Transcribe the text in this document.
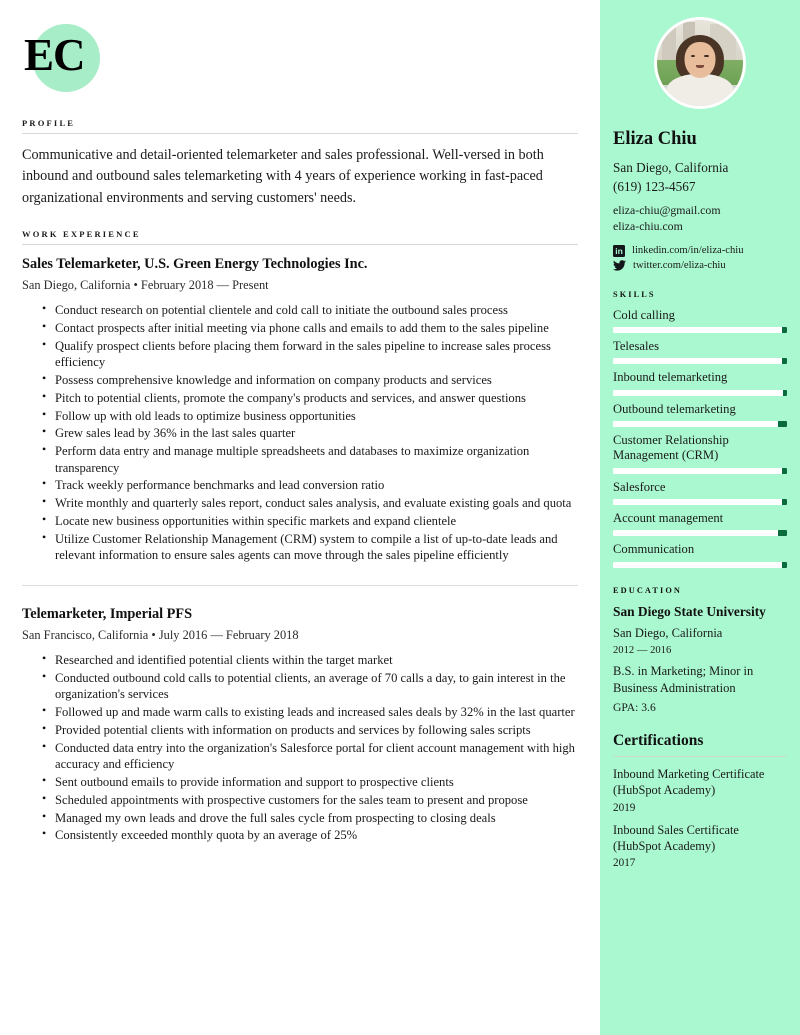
EC
PROFILE
Communicative and detail-oriented telemarketer and sales professional. Well-versed in both inbound and outbound sales telemarketing with 4 years of experience working in fast-paced organizational environments and serving customers' needs.
WORK EXPERIENCE
Sales Telemarketer, U.S. Green Energy Technologies Inc.
San Diego, California • February 2018 — Present
• Conduct research on potential clientele and cold call to initiate the outbound sales process
• Contact prospects after initial meeting via phone calls and emails to add them to the sales pipeline
• Qualify prospect clients before placing them forward in the sales pipeline to increase sales process efficiency
• Possess comprehensive knowledge and information on company products and services
• Pitch to potential clients, promote the company's products and services, and answer questions
• Follow up with old leads to optimize business opportunities
• Grew sales lead by 36% in the last sales quarter
• Perform data entry and manage multiple spreadsheets and databases to maximize organization transparency
• Track weekly performance benchmarks and lead conversion ratio
• Write monthly and quarterly sales report, conduct sales analysis, and evaluate existing goals and quota
• Locate new business opportunities within specific markets and expand clientele
• Utilize Customer Relationship Management (CRM) system to compile a list of up-to-date leads and relevant information to ensure sales agents can move through the sales pipeline efficiently
Telemarketer, Imperial PFS
San Francisco, California • July 2016 — February 2018
• Researched and identified potential clients within the target market
• Conducted outbound cold calls to potential clients, an average of 70 calls a day, to gain interest in the organization's services
• Followed up and made warm calls to existing leads and increased sales deals by 32% in the last quarter
• Provided potential clients with information on products and services by following sales scripts
• Conducted data entry into the organization's Salesforce portal for client account management with high accuracy and efficiency
• Sent outbound emails to provide information and support to prospective clients
• Scheduled appointments with prospective customers for the sales team to present and propose
• Managed my own leads and drove the full sales cycle from prospecting to closing deals
• Consistently exceeded monthly quota by an average of 25%
Eliza Chiu
San Diego, California
(619) 123-4567
eliza-chiu@gmail.com
eliza-chiu.com
in linkedin.com/in/eliza-chiu
twitter.com/eliza-chiu
SKILLS
Cold calling
Telesales
Inbound telemarketing
Outbound telemarketing
Customer Relationship Management (CRM)
Salesforce
Account management
Communication
EDUCATION
San Diego State University
San Diego, California
2012 — 2016
B.S. in Marketing; Minor in Business Administration
GPA: 3.6
Certifications
Inbound Marketing Certificate (HubSpot Academy)
2019
Inbound Sales Certificate (HubSpot Academy)
2017
